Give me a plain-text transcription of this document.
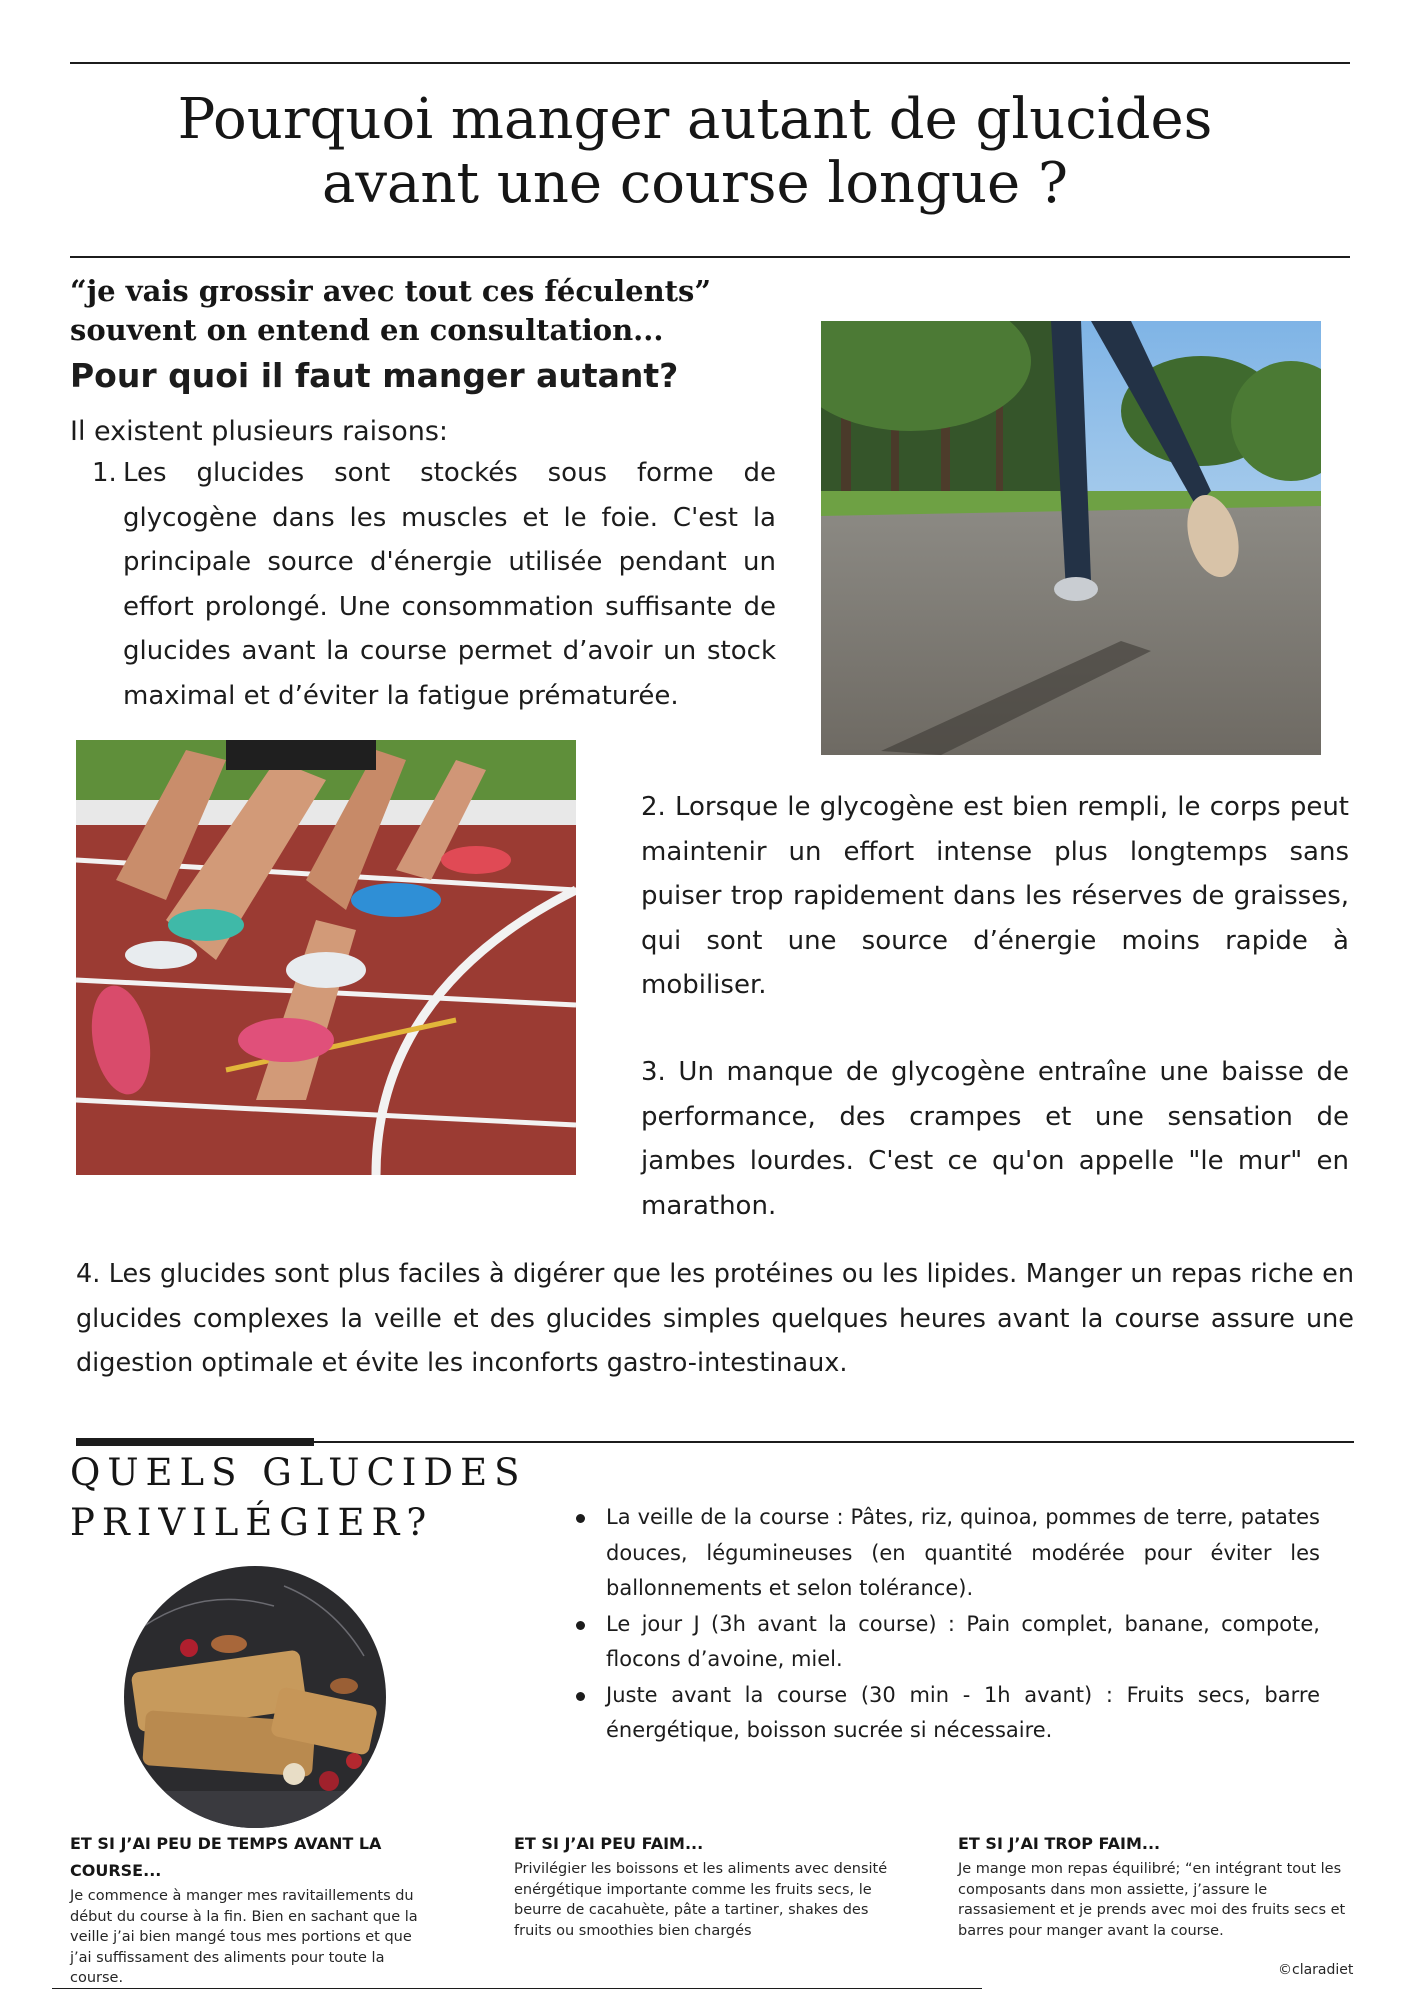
Pourquoi manger autant de glucides
avant une course longue ?
“je vais grossir avec tout ces féculents”
souvent on entend en consultation...
Pour quoi il faut manger autant?
Il existent plusieurs raisons:
1. Les glucides sont stockés sous forme de glycogène dans les muscles et le foie. C'est la principale source d'énergie utilisée pendant un effort prolongé. Une consommation suffisante de glucides avant la course permet d’avoir un stock maximal et d’éviter la fatigue prématurée.
2. Lorsque le glycogène est bien rempli, le corps peut maintenir un effort intense plus longtemps sans puiser trop rapidement dans les réserves de graisses, qui sont une source d’énergie moins rapide à mobiliser.
3. Un manque de glycogène entraîne une baisse de performance, des crampes et une sensation de jambes lourdes. C'est ce qu'on appelle "le mur" en marathon.
4. Les glucides sont plus faciles à digérer que les protéines ou les lipides. Manger un repas riche en glucides complexes la veille et des glucides simples quelques heures avant la course assure une digestion optimale et évite les inconforts gastro-intestinaux.
QUELS GLUCIDES
PRIVILÉGIER?	La veille de la course : Pâtes, riz, quinoa, pommes de terre, patates douces, légumineuses (en quantité modérée pour éviter les ballonnements et selon tolérance).
Le jour J (3h avant la course) : Pain complet, banane, compote, flocons d’avoine, miel.
Juste avant la course (30 min - 1h avant) : Fruits secs, barre énergétique, boisson sucrée si nécessaire.
ET SI J’AI PEU DE TEMPS AVANT LA COURSE...
Je commence à manger mes ravitaillements du début du course à la fin. Bien en sachant que la veille j’ai bien mangé tous mes portions et que j’ai suffissament des aliments pour toute la course.
ET SI J’AI PEU FAIM...
Privilégier les boissons et les aliments avec densité enérgétique importante comme les fruits secs, le beurre de cacahuète, pâte a tartiner, shakes des fruits ou smoothies bien chargés
ET SI J’AI TROP FAIM...
Je mange mon repas équilibré; “en intégrant tout les composants dans mon assiette, j’assure le rassasiement et je prends avec moi des fruits secs et barres pour manger avant la course.
©claradiet
